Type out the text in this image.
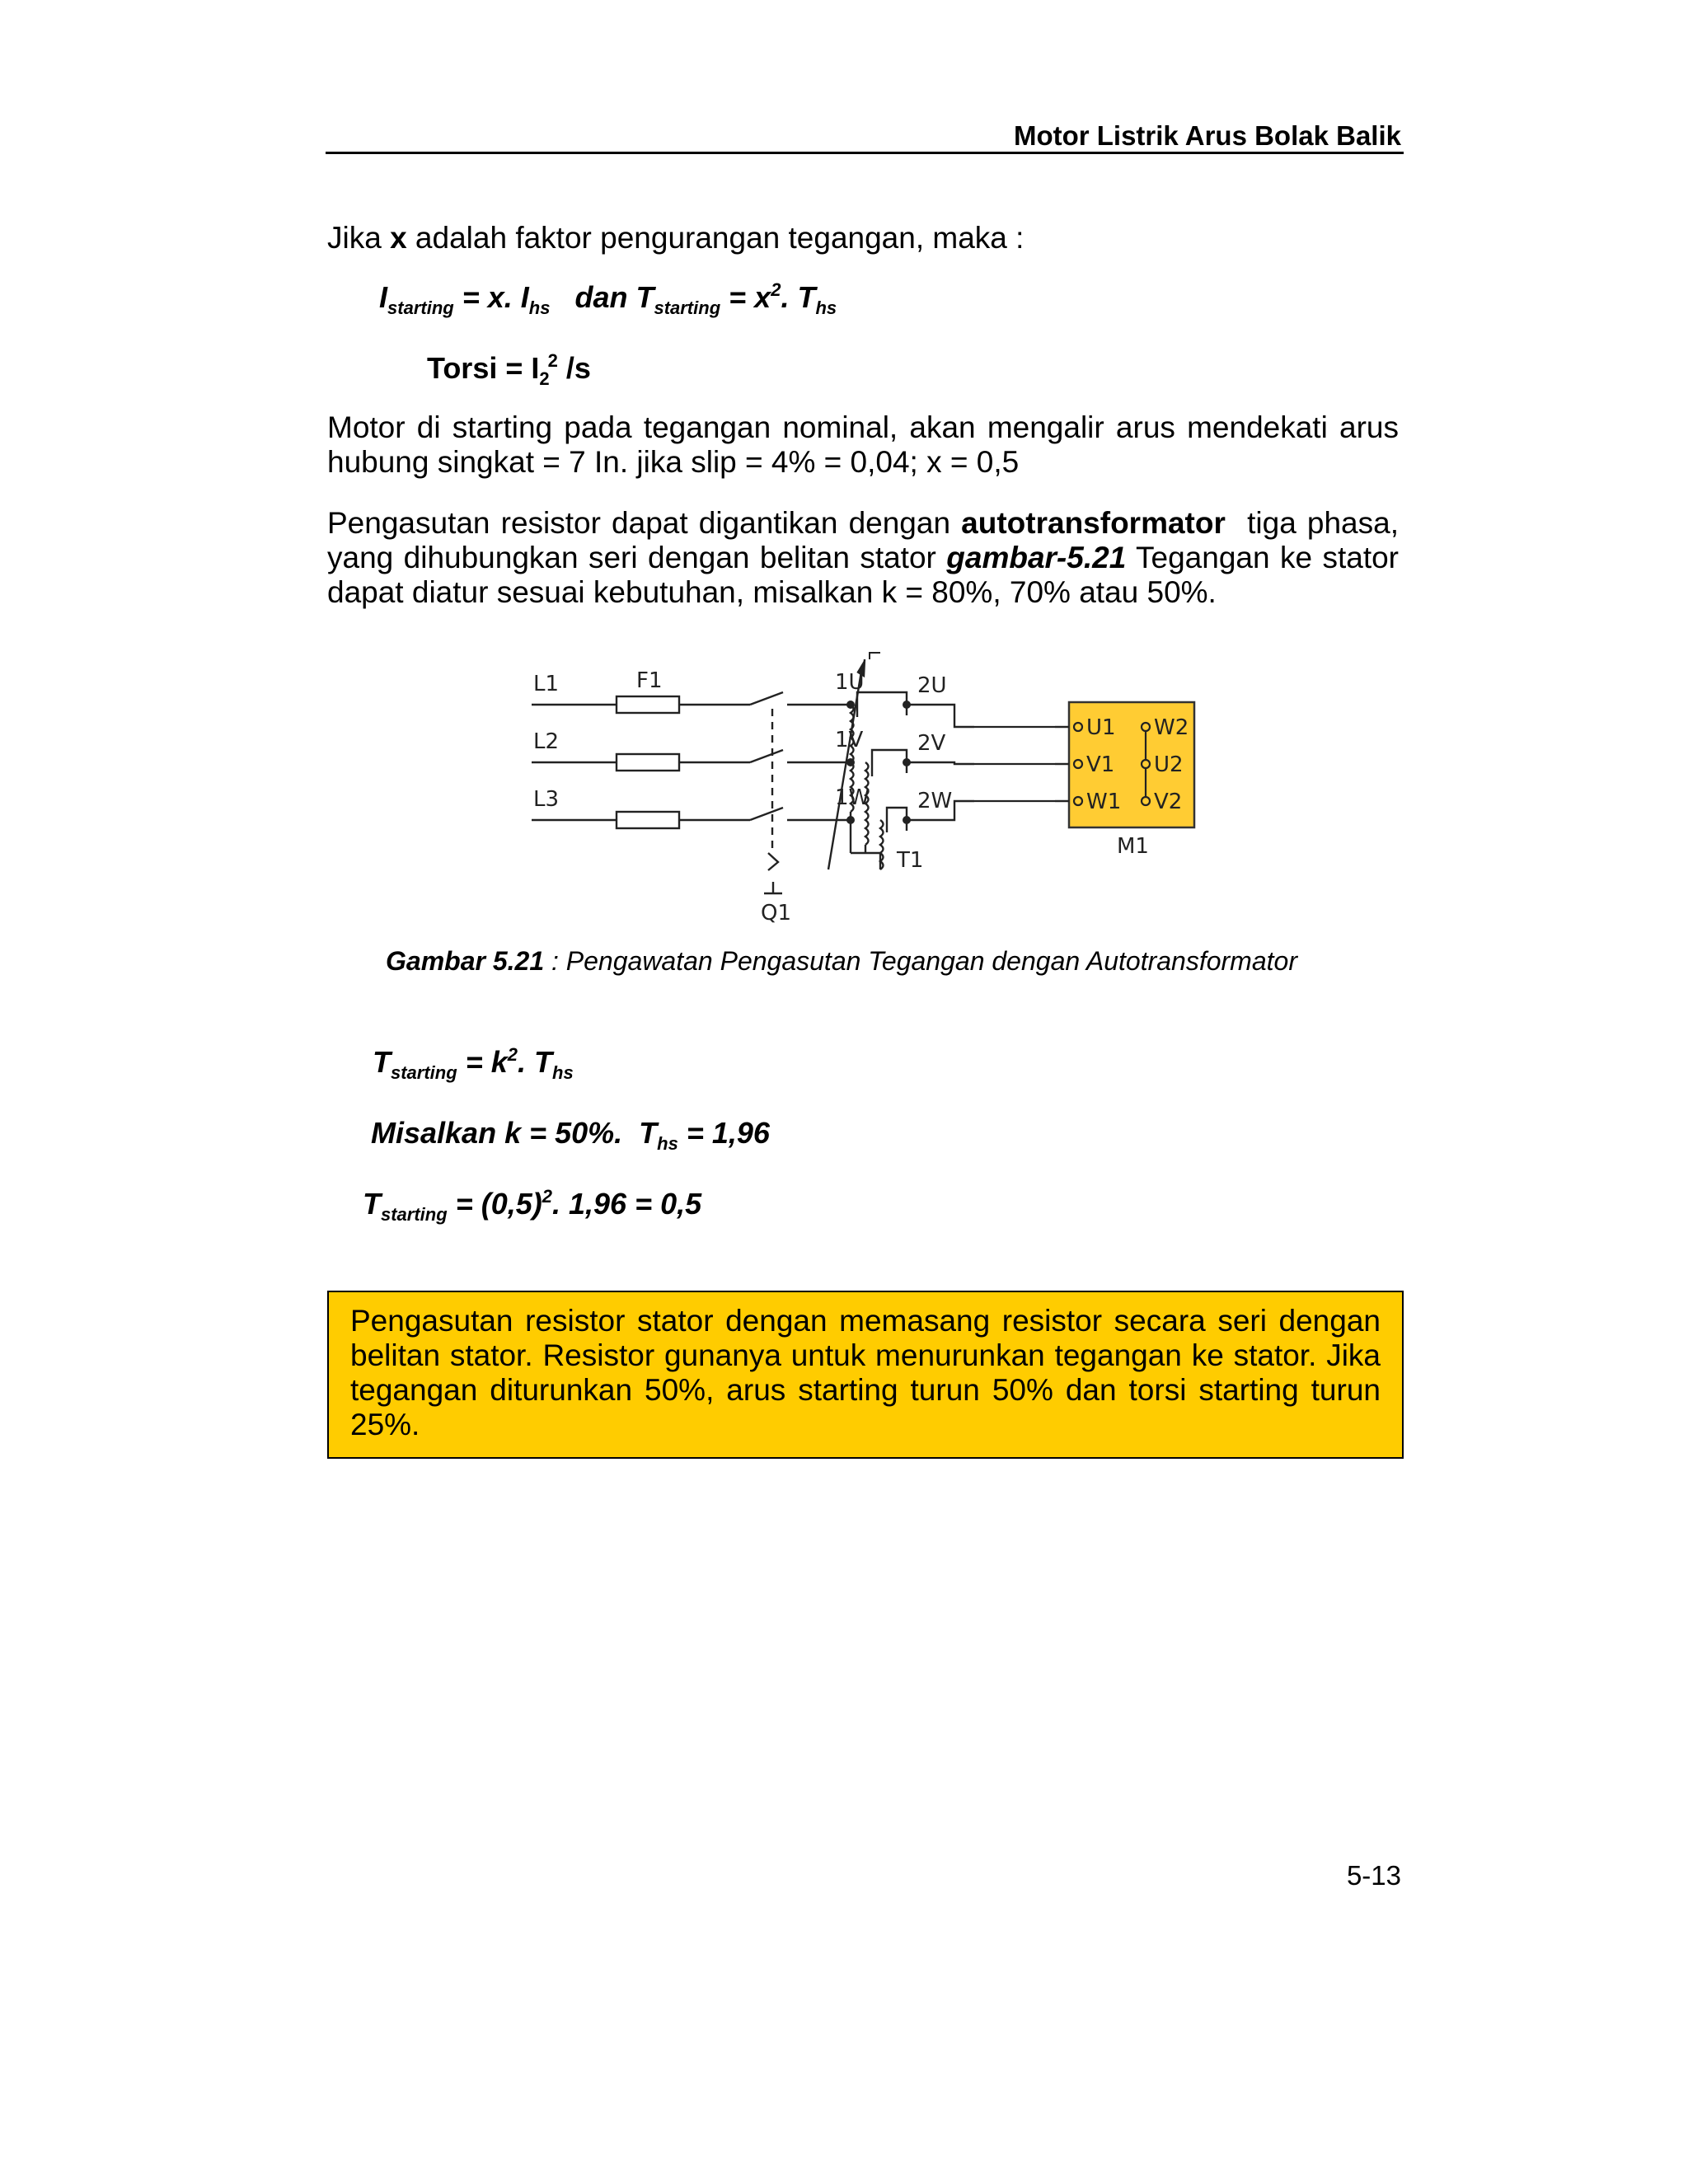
Motor Listrik Arus Bolak Balik
Jika x adalah faktor pengurangan tegangan, maka :
$I_{starting} = x$. $I_{hs}$   dan $T_{starting} = x^2$. $T_{hs}$
Torsi = $I_2^2$ /s
Motor di starting pada tegangan nominal, akan mengalir arus mendekati arus hubung singkat = 7 In. jika slip = 4% = 0,04; x = 0,5
Pengasutan resistor dapat digantikan dengan autotransformator  tiga phasa, yang dihubungkan seri dengan belitan stator gambar-5.21 Tegangan ke stator dapat diatur sesuai kebutuhan, misalkan k = 80%, 70% atau 50%.
L1
L2
L3
F1	1U
1V
1W
2U
2V
2W
T1
Q1
M1
U1
V1
W1
W2
U2
V2
Gambar 5.21 : Pengawatan Pengasutan Tegangan dengan Autotransformator
$T_{starting} = k^2$. $T_{hs}$
Misalkan k = 50%.  $T_{hs} = 1,96$
$T_{starting} = (0,5)^2$. 1,96 = 0,5
Pengasutan resistor stator dengan memasang resistor secara seri dengan belitan stator. Resistor gunanya untuk menurunkan tegangan ke stator. Jika tegangan diturunkan 50%, arus starting turun 50% dan torsi starting turun 25%.
5-13
